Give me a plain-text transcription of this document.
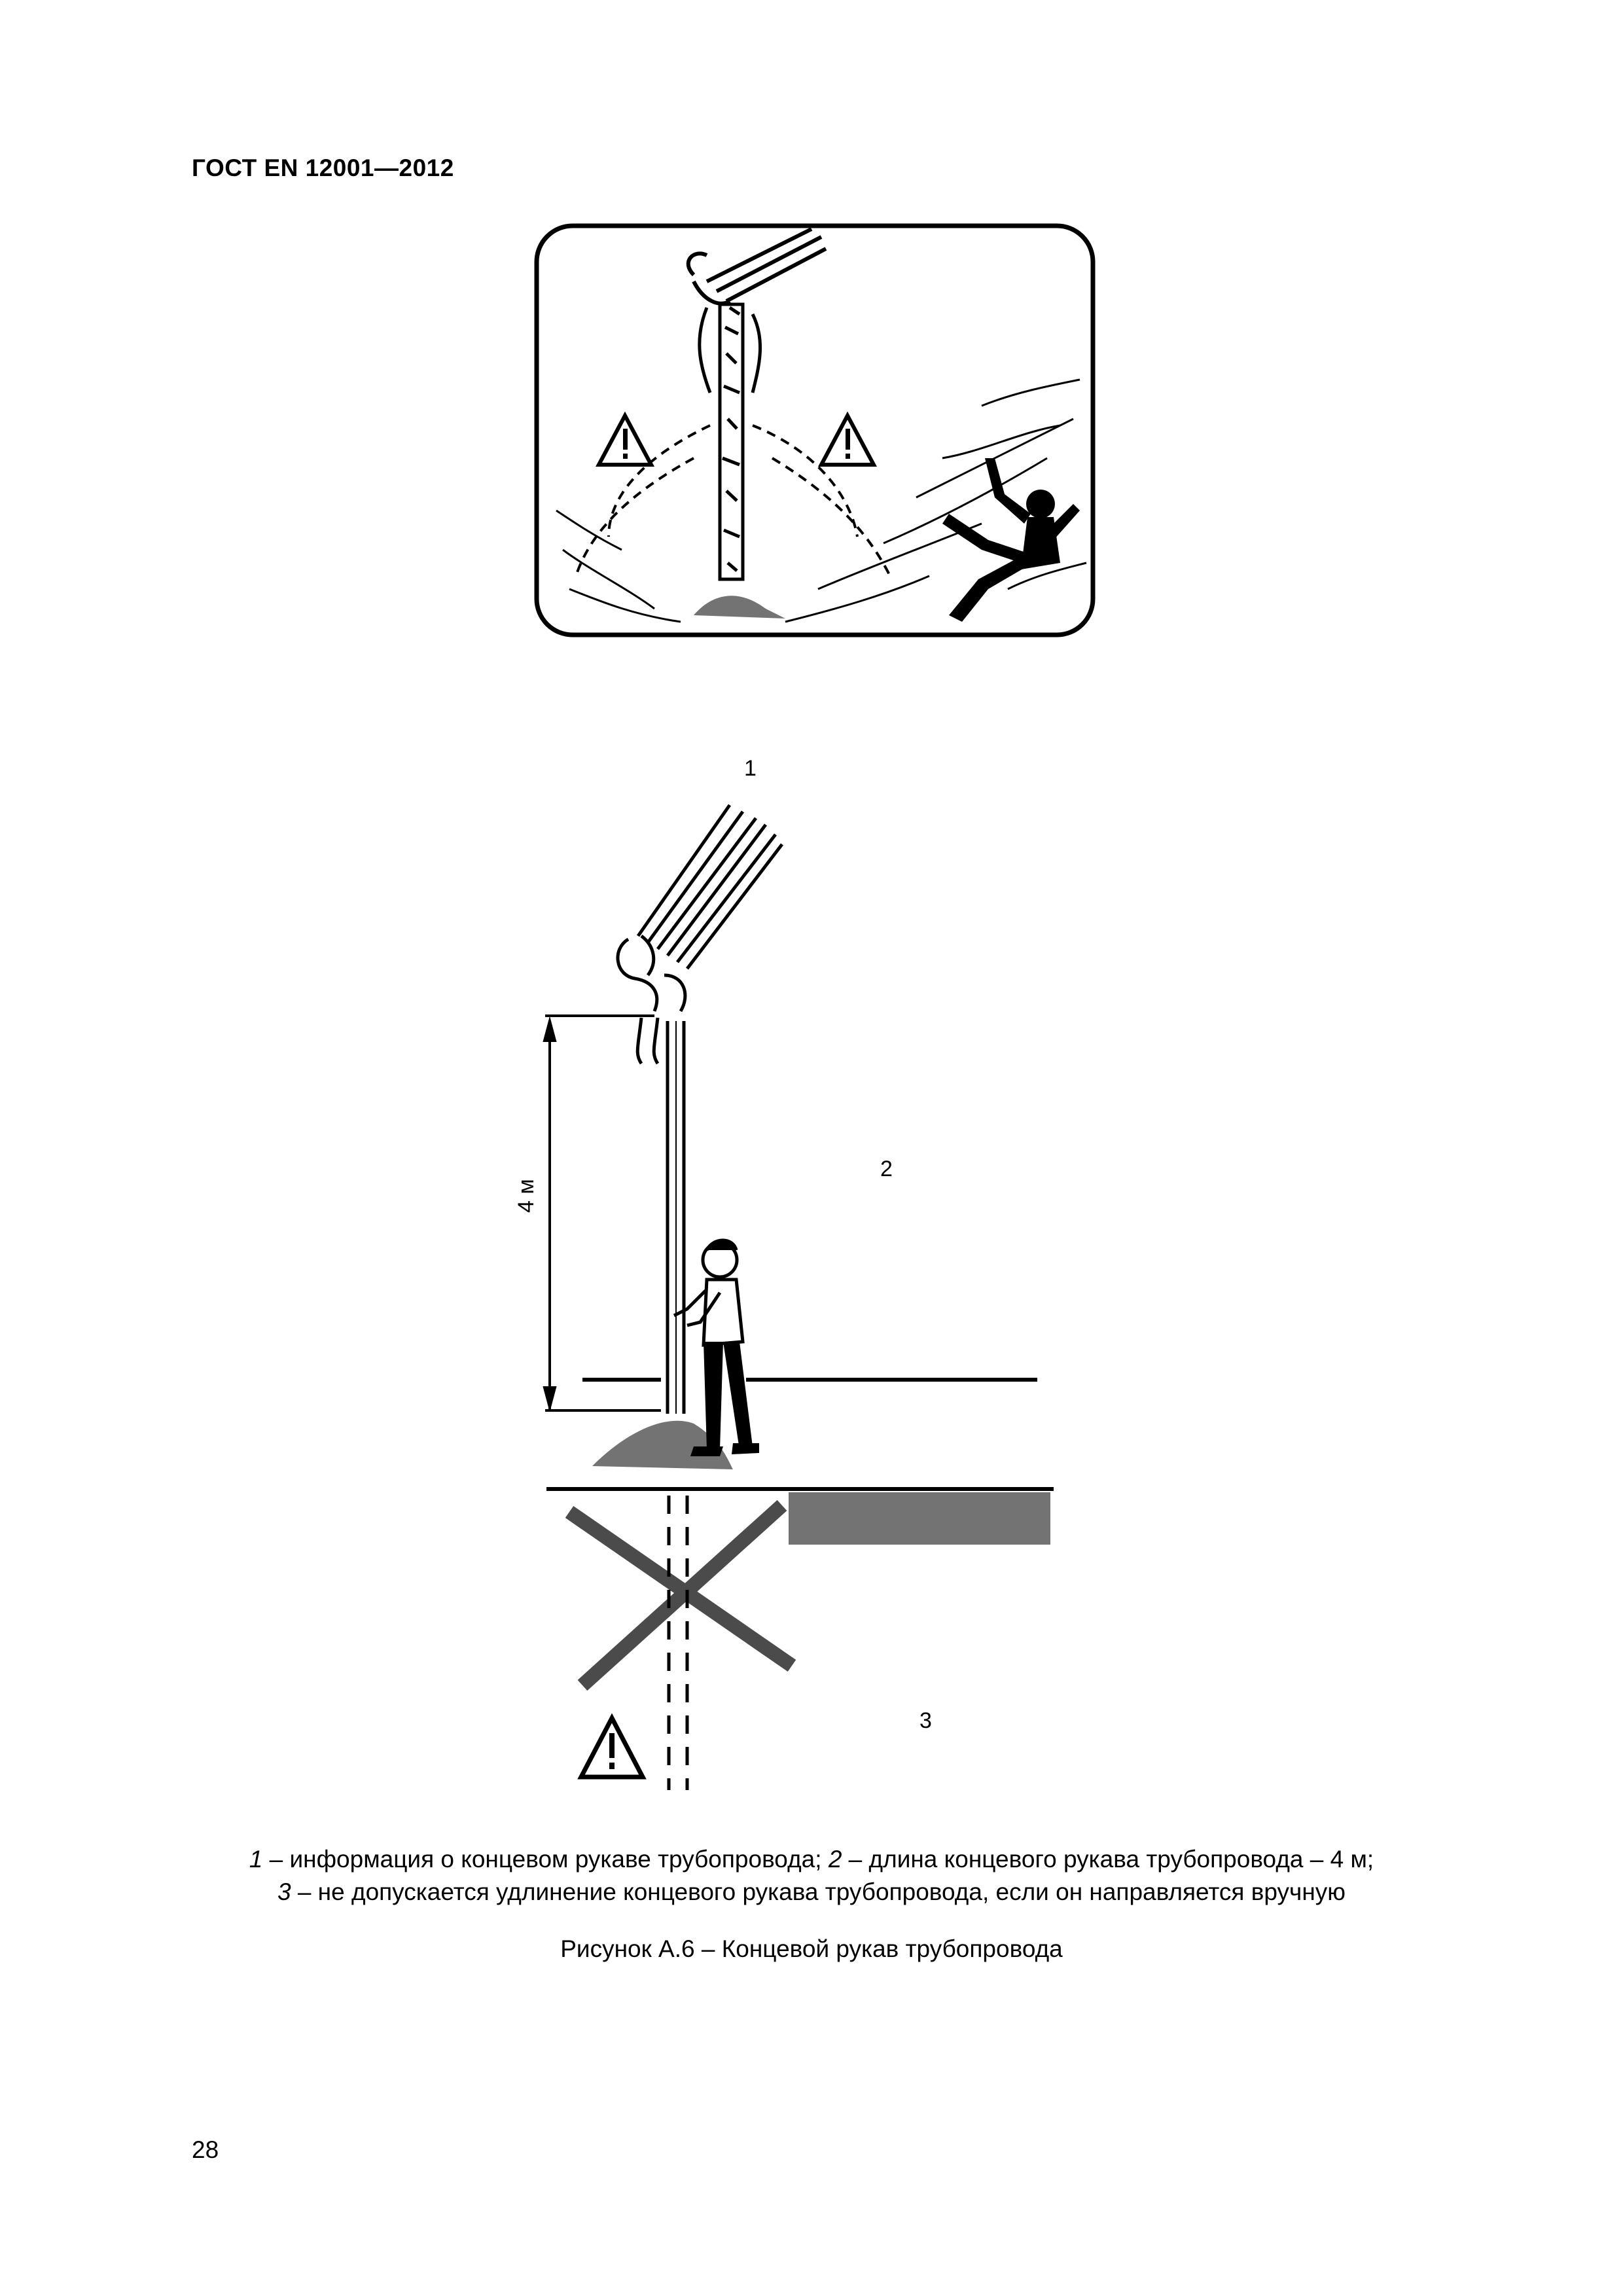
ГОСТ EN 12001—2012
1
2
3
4 м
1 – информация о концевом рукаве трубопровода; 2 – длина концевого рукава трубопровода – 4 м;
3 – не допускается удлинение концевого рукава трубопровода, если он направляется вручную
Рисунок А.6 – Концевой рукав трубопровода
28
